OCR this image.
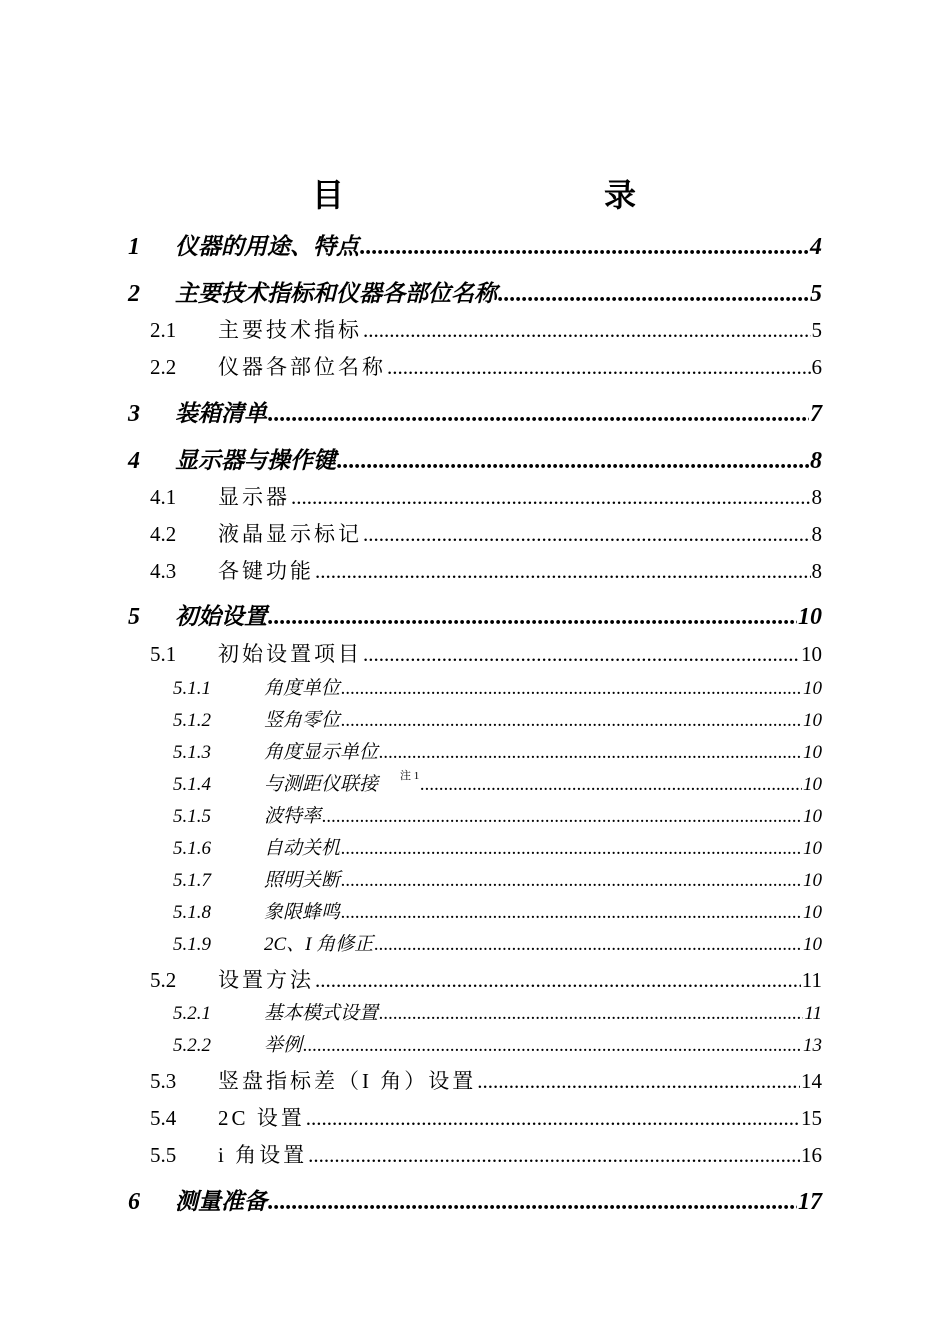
目	录
1	仪器的用途、特点 .....	4
2	主要技术指标和仪器各部位名称 .....	5
2.1	主要技术指标 .....	5
2.2	仪器各部位名称 .....	6
3	装箱清单 .....	7
4	显示器与操作键 .....	8
4.1	显示器 .....	8
4.2	液晶显示标记 .....	8
4.3	各键功能 .....	8
5	初始设置 .....	10
5.1	初始设置项目 .....	10
5.1.1	角度单位 .....	10
5.1.2	竖角零位 .....	10
5.1.3	角度显示单位 .....	10
5.1.4	与测距仪联接 注 1 .....	10
5.1.5	波特率 .....	10
5.1.6	自动关机 .....	10
5.1.7	照明关断 .....	10
5.1.8	象限蜂鸣 .....	10
5.1.9	2C、I 角修正 .....	10
5.2	设置方法 .....	11
5.2.1	基本模式设置 .....	11
5.2.2	举例 .....	13
5.3	竖盘指标差（I 角）设置 .....	14
5.4	2C 设置 .....	15
5.5	i 角设置 .....	16
6	测量准备 .....	17
